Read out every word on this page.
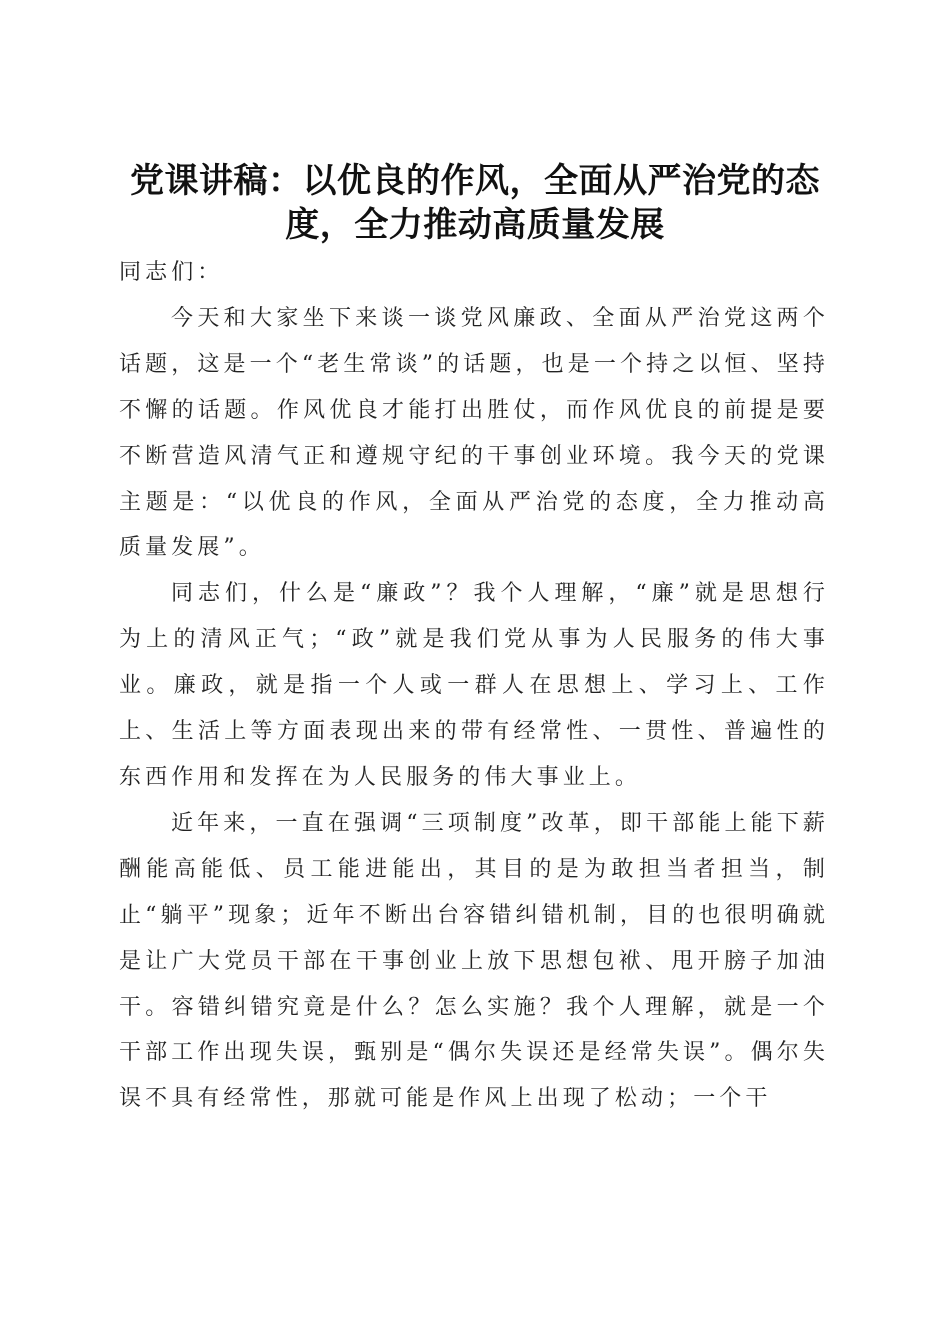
党课讲稿：以优良的作风，全面从严治党的态
度，全力推动高质量发展

同志们：

今天和大家坐下来谈一谈党风廉政、全面从严治党这两个话题，这是一个“老生常谈”的话题，也是一个持之以恒、坚持不懈的话题。作风优良才能打出胜仗，而作风优良的前提是要不断营造风清气正和遵规守纪的干事创业环境。我今天的党课主题是：“以优良的作风，全面从严治党的态度，全力推动高质量发展”。

同志们，什么是“廉政”？我个人理解，“廉”就是思想行为上的清风正气；“政”就是我们党从事为人民服务的伟大事业。廉政，就是指一个人或一群人在思想上、学习上、工作上、生活上等方面表现出来的带有经常性、一贯性、普遍性的东西作用和发挥在为人民服务的伟大事业上。

近年来，一直在强调“三项制度”改革，即干部能上能下薪酬能高能低、员工能进能出，其目的是为敢担当者担当，制止“躺平”现象；近年不断出台容错纠错机制，目的也很明确就是让广大党员干部在干事创业上放下思想包袱、甩开膀子加油干。容错纠错究竟是什么？怎么实施？我个人理解，就是一个干部工作出现失误，甄别是“偶尔失误还是经常失误”。偶尔失误不具有经常性，那就可能是作风上出现了松动；一个干
